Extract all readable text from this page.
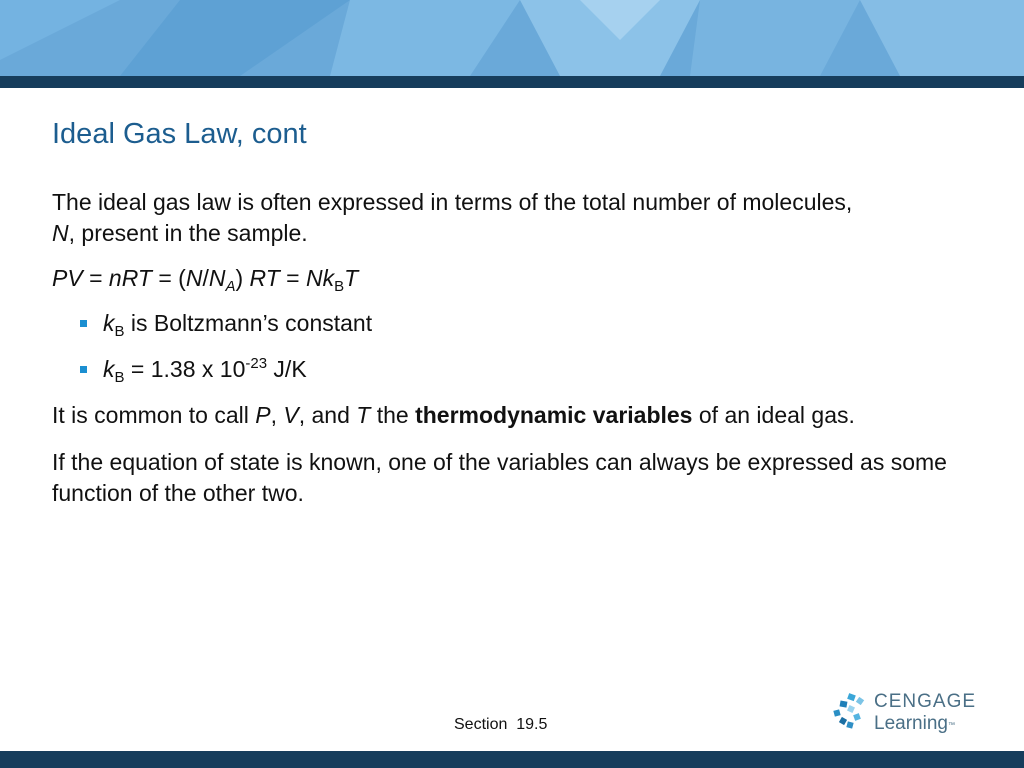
Ideal Gas Law, cont

The ideal gas law is often expressed in terms of the total number of molecules,
N, present in the sample.

PV = nRT = $(N/N_A)$ RT = $Nk_BT$

$k_B$ is Boltzmann’s constant
$k_B = 1.38$ x $10^{-23}$ J/K

It is common to call P, V, and T the thermodynamic variables of an ideal gas.

If the equation of state is known, one of the variables can always be expressed as some function of the other two.

Section  19.5
CENGAGE
Learning™
